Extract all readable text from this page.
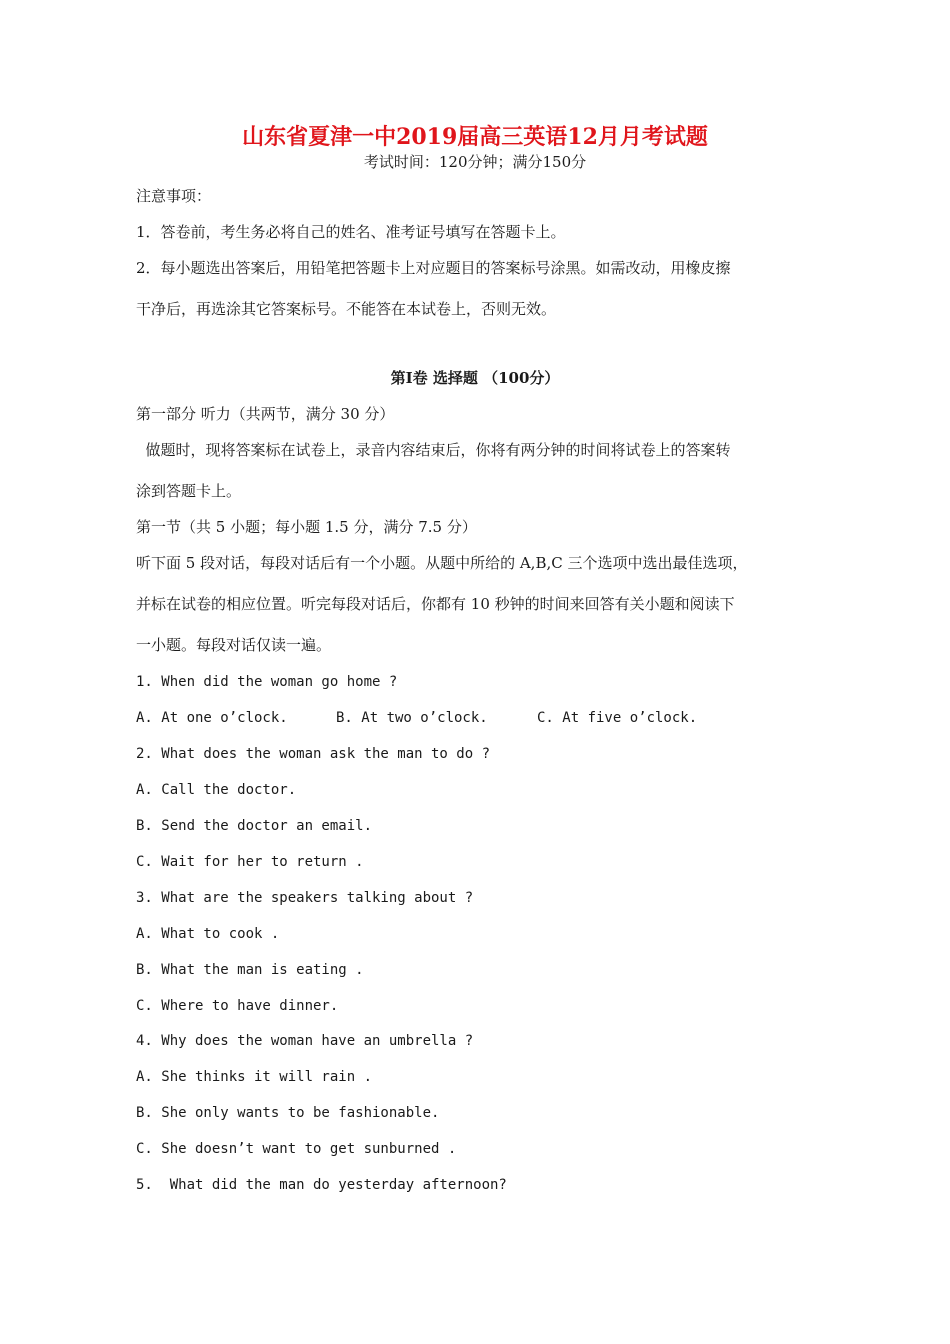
山东省夏津一中2019届高三英语12月月考试题
考试时间：120分钟；满分150分
注意事项：
1．答卷前，考生务必将自己的姓名、准考证号填写在答题卡上。
2．每小题选出答案后，用铅笔把答题卡上对应题目的答案标号涂黑。如需改动，用橡皮擦
干净后，再选涂其它答案标号。不能答在本试卷上，否则无效。
第I卷 选择题 （100分）
第一部分 听力（共两节，满分 30 分）
做题时，现将答案标在试卷上，录音内容结束后，你将有两分钟的时间将试卷上的答案转
涂到答题卡上。
第一节（共 5 小题；每小题 1.5 分，满分 7.5 分）
听下面 5 段对话，每段对话后有一个小题。从题中所给的 A,B,C 三个选项中选出最佳选项，
并标在试卷的相应位置。听完每段对话后，你都有 10 秒钟的时间来回答有关小题和阅读下
一小题。每段对话仅读一遍。
1. When did the woman go home ?
A. At one o’clock.	B. At two o’clock.	C. At five o’clock.
2. What does the woman ask the man to do ?
A. Call the doctor.
B. Send the doctor an email.
C. Wait for her to return .
3. What are the speakers talking about ?
A. What to cook .
B. What the man is eating .
C. Where to have dinner.
4. Why does the woman have an umbrella ?
A. She thinks it will rain .
B. She only wants to be fashionable.
C. She doesn’t want to get sunburned .
5.  What did the man do yesterday afternoon?
